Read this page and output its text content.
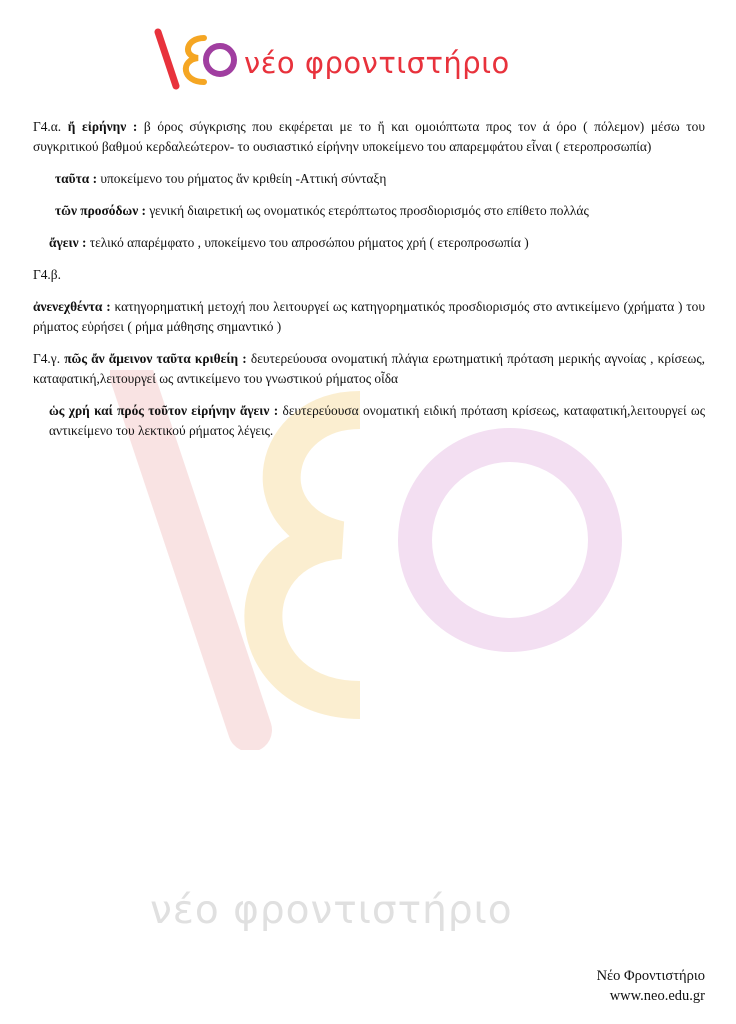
νέο φροντιστήριο
νέο φροντιστήριο

Γ4.α. ἤ εἰρήνην : β όρος σύγκρισης που εκφέρεται με το ἤ και ομοιόπτωτα προς τον ά όρο ( πόλεμον) μέσω του συγκριτικού βαθμού κερδαλεώτερον- το ουσιαστικό είρήνην υποκείμενο του απαρεμφάτου εἶναι ( ετεροπροσωπία)

ταῦτα : υποκείμενο του ρήματος ἄν κριθείη -Αττική σύνταξη

τῶν προσόδων : γενική διαιρετική ως ονοματικός ετερόπτωτος προσδιορισμός στο επίθετο πολλάς

ἄγειν : τελικό απαρέμφατο , υποκείμενο του απροσώπου ρήματος χρή ( ετεροπροσωπία )

Γ4.β.

ἀνενεχθέντα : κατηγορηματική μετοχή που λειτουργεί ως κατηγορηματικός προσδιορισμός στο αντικείμενο (χρήματα ) του ρήματος εὑρήσει ( ρήμα μάθησης σημαντικό )

Γ4.γ. πῶς ἄν ἄμεινον ταῦτα κριθείη : δευτερεύουσα ονοματική πλάγια ερωτηματική πρόταση μερικής αγνοίας , κρίσεως, καταφατική,λειτουργεί ως αντικείμενο του γνωστικού ρήματος οἶδα

ὡς χρή καί πρός τοῦτον εἰρήνην ἄγειν : δευτερεύουσα ονοματική ειδική πρόταση κρίσεως, καταφατική,λειτουργεί ως αντικείμενο του λεκτικού ρήματος λέγεις.

Νέο Φροντιστήριο
www.neo.edu.gr
